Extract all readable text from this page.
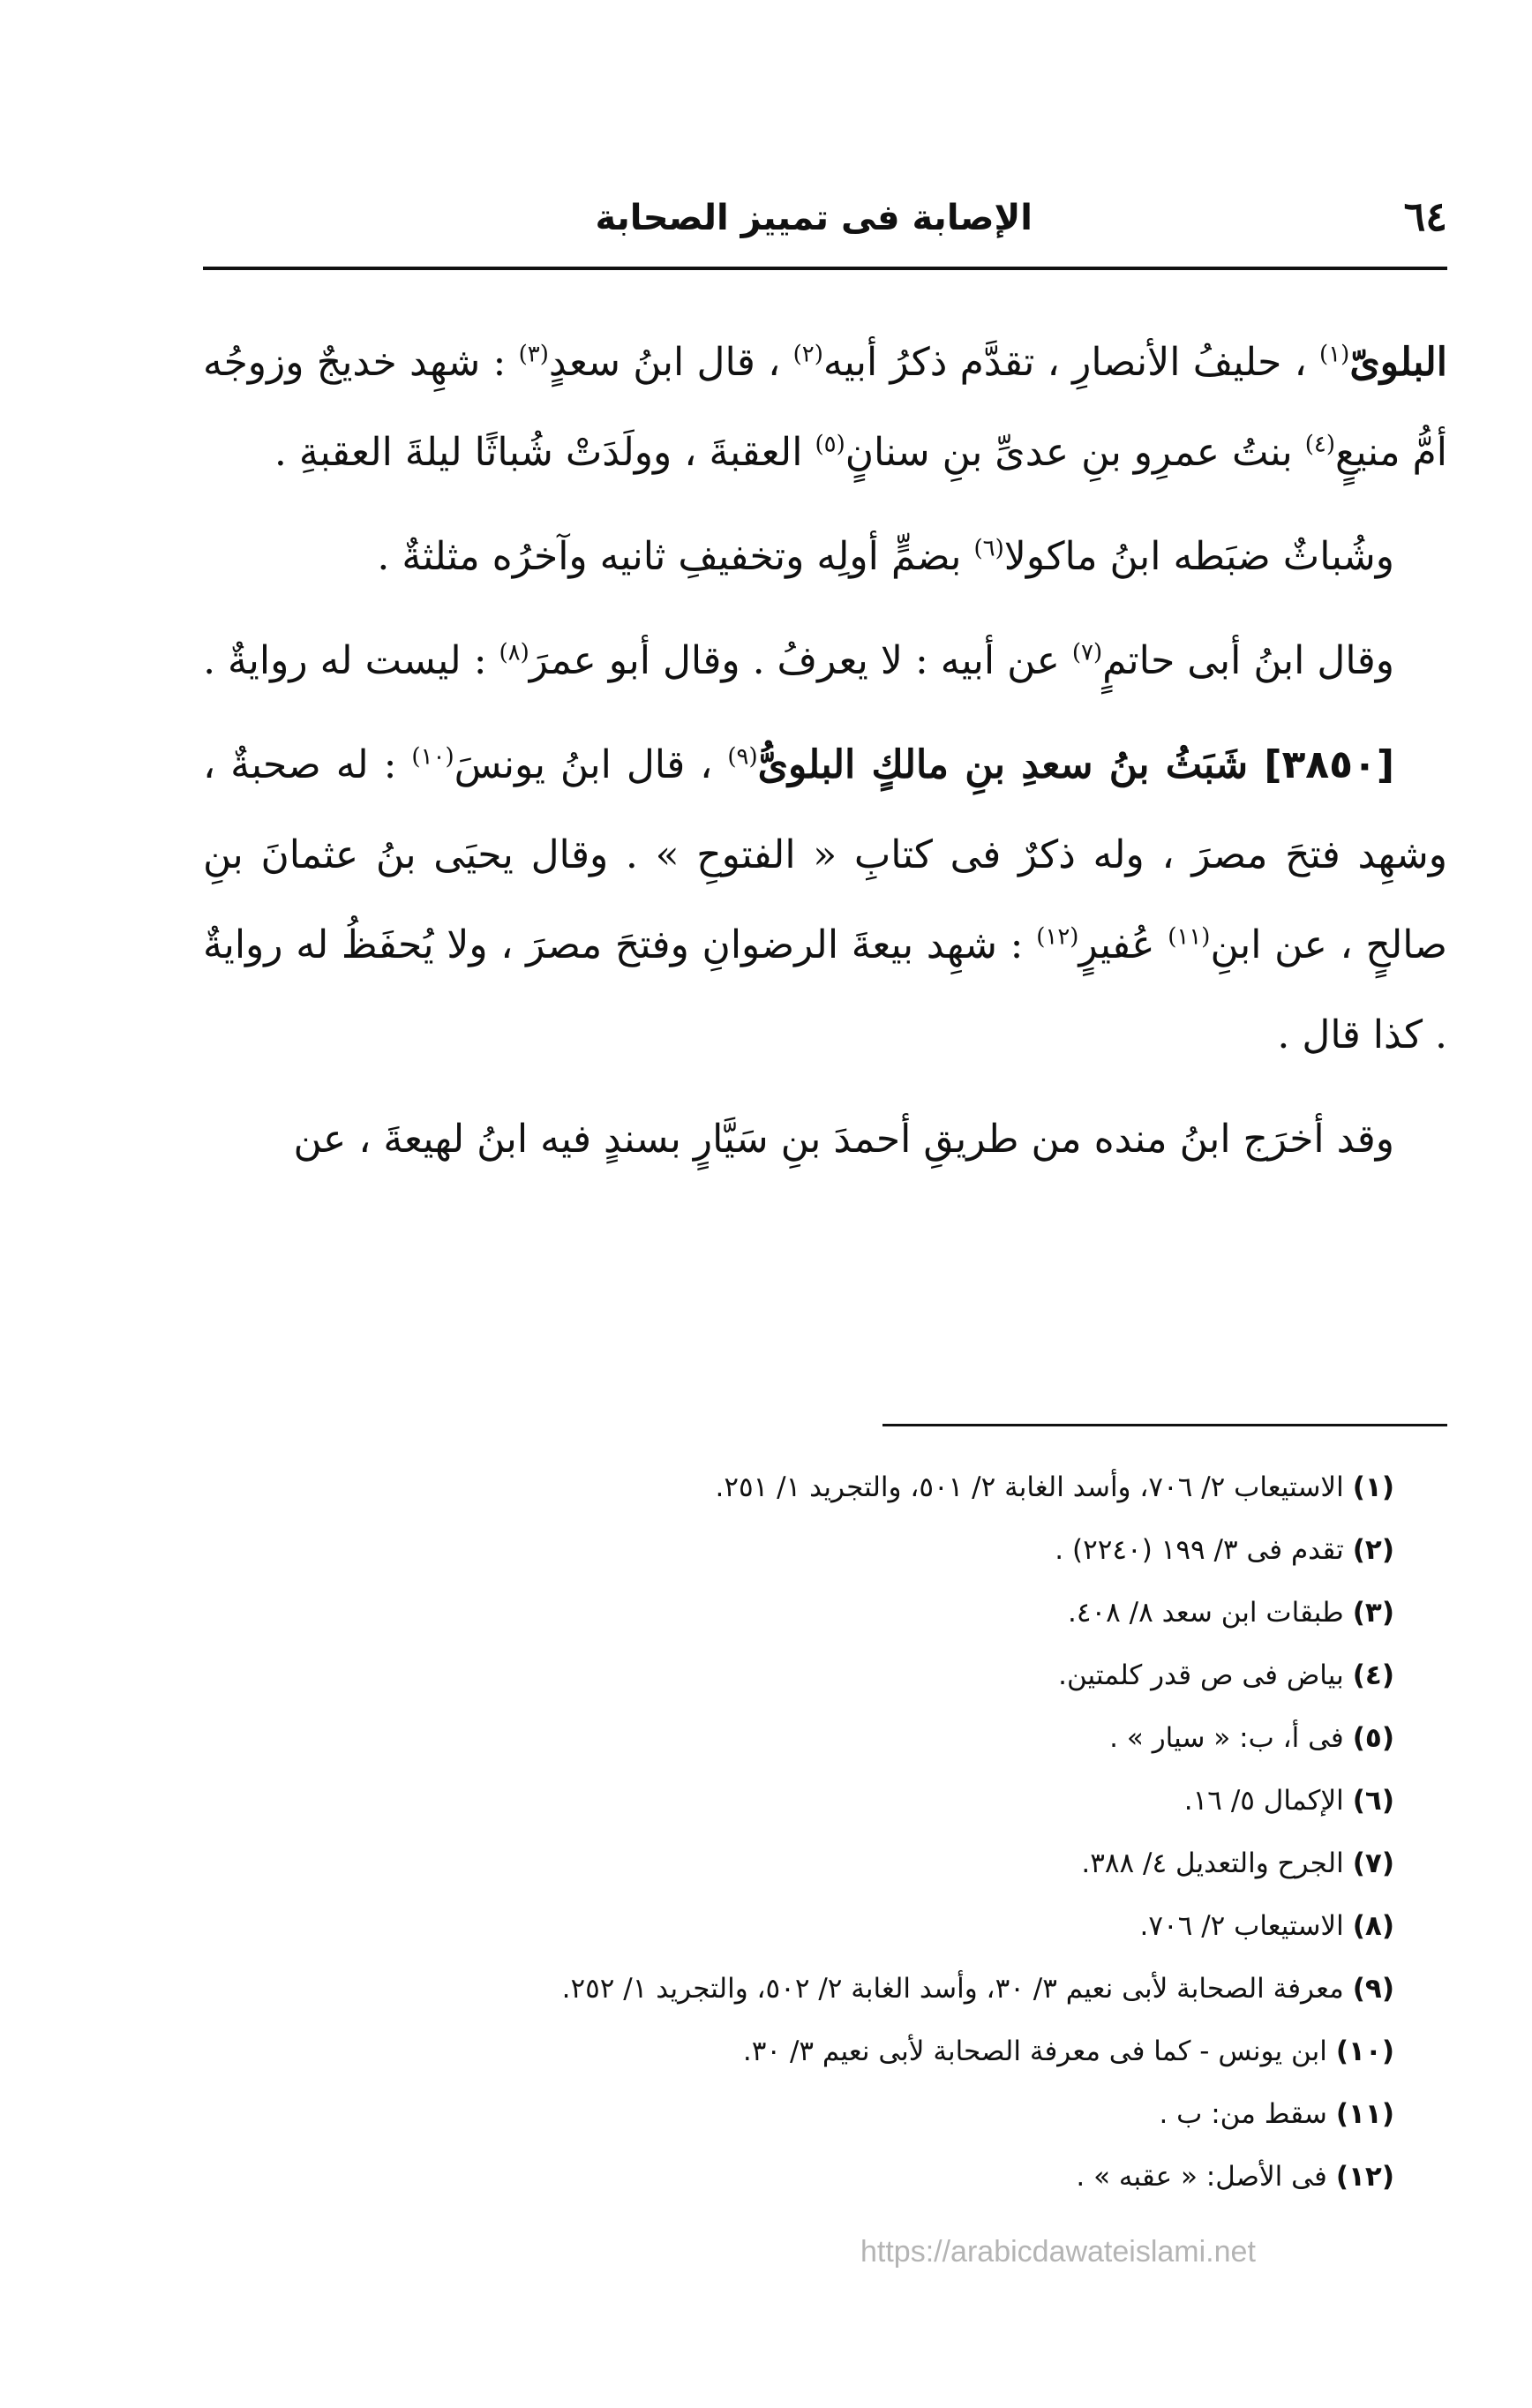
٦٤
الإصابة فى تمييز الصحابة

البلوىّ$^{(١)}$ ، حليفُ الأنصارِ ، تقدَّم ذكرُ أبيه$^{(٢)}$ ، قال ابنُ سعدٍ$^{(٣)}$ : شهِد خديجٌ وزوجُه أمُّ منيعٍ$^{(٤)}$ بنتُ عمرِو بنِ عدىِّ بنِ سنانٍ$^{(٥)}$ العقبةَ ، وولَدَتْ شُباثًا ليلةَ العقبةِ .

وشُباثٌ ضبَطه ابنُ ماكولا$^{(٦)}$ بضمٍّ أولِه وتخفيفِ ثانيه وآخرُه مثلثةٌ .

وقال ابنُ أبى حاتمٍ$^{(٧)}$ عن أبيه : لا يعرفُ . وقال أبو عمرَ$^{(٨)}$ : ليست له روايةٌ .

[٣٨٥٠] شَبَثُ بنُ سعدِ بنِ مالكٍ البلوىُّ$^{(٩)}$ ، قال ابنُ يونسَ$^{(١٠)}$ : له صحبةٌ ، وشهِد فتحَ مصرَ ، وله ذكرٌ فى كتابِ « الفتوحِ » . وقال يحيَى بنُ عثمانَ بنِ صالحٍ ، عن ابنِ$^{(١١)}$ عُفيرٍ$^{(١٢)}$ : شهِد بيعةَ الرضوانِ وفتحَ مصرَ ، ولا يُحفَظُ له روايةٌ . كذا قال .

وقد أخرَج ابنُ منده من طريقِ أحمدَ بنِ سَيَّارٍ بسندٍ فيه ابنُ لهيعةَ ، عن

(١)الاستيعاب ٢/ ٧٠٦، وأسد الغابة ٢/ ٥٠١، والتجريد ١/ ٢٥١.
(٢)تقدم فى ٣/ ١٩٩ (٢٢٤٠) .
(٣)طبقات ابن سعد ٨/ ٤٠٨.
(٤)بياض فى ص قدر كلمتين.
(٥)فى أ، ب: « سيار » .
(٦)الإكمال ٥/ ١٦.
(٧)الجرح والتعديل ٤/ ٣٨٨.
(٨)الاستيعاب ٢/ ٧٠٦.
(٩)معرفة الصحابة لأبى نعيم ٣/ ٣٠، وأسد الغابة ٢/ ٥٠٢، والتجريد ١/ ٢٥٢.
(١٠)ابن يونس - كما فى معرفة الصحابة لأبى نعيم ٣/ ٣٠.
(١١)سقط من: ب .
(١٢)فى الأصل: « عقبه » .
https://arabicdawateislami.net
